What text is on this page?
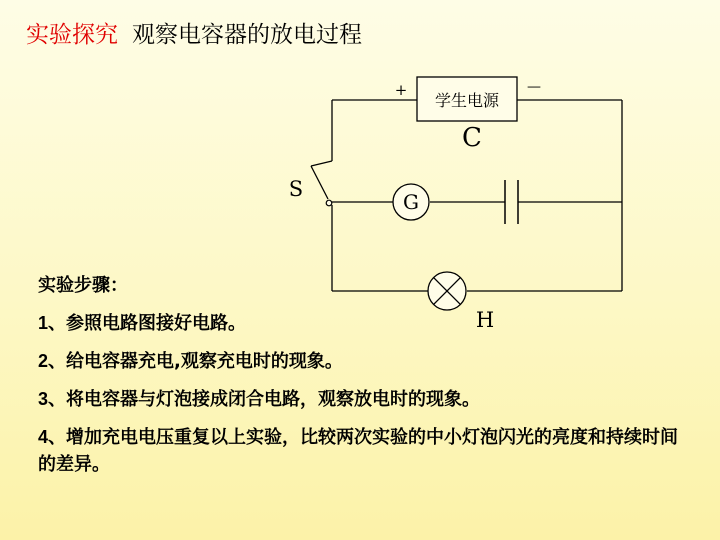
实验探究 观察电容器的放电过程
学生电源
+	—
C
S
G
H
实验步骤：
1、参照电路图接好电路。
2、给电容器充电,观察充电时的现象。
3、将电容器与灯泡接成闭合电路，观察放电时的现象。
4、增加充电电压重复以上实验，比较两次实验的中小灯泡闪光的亮度和持续时间的差异。
